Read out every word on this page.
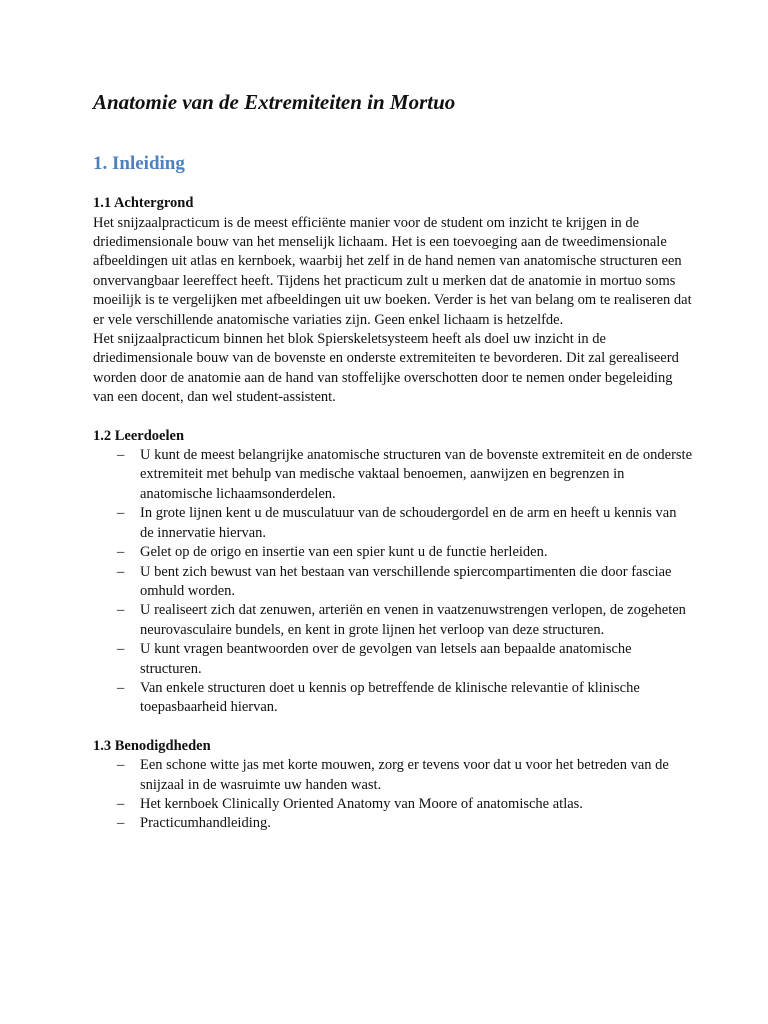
Anatomie van de Extremiteiten in Mortuo
1. Inleiding
1.1 Achtergrond

Het snijzaalpracticum is de meest efficiënte manier voor de student om inzicht te krijgen in de driedimensionale bouw van het menselijk lichaam. Het is een toevoeging aan de tweedimensionale afbeeldingen uit atlas en kernboek, waarbij het zelf in de hand nemen van anatomische structuren een onvervangbaar leereffect heeft. Tijdens het practicum zult u merken dat de anatomie in mortuo soms moeilijk is te vergelijken met afbeeldingen uit uw boeken. Verder is het van belang om te realiseren dat er vele verschillende anatomische variaties zijn. Geen enkel lichaam is hetzelfde.

Het snijzaalpracticum binnen het blok Spierskeletsysteem heeft als doel uw inzicht in de driedimensionale bouw van de bovenste en onderste extremiteiten te bevorderen. Dit zal gerealiseerd worden door de anatomie aan de hand van stoffelijke overschotten door te nemen onder begeleiding van een docent, dan wel student-assistent.

1.2 Leerdoelen
– U kunt de meest belangrijke anatomische structuren van de bovenste extremiteit en de onderste extremiteit met behulp van medische vaktaal benoemen, aanwijzen en begrenzen in anatomische lichaamsonderdelen.
– In grote lijnen kent u de musculatuur van de schoudergordel en de arm en heeft u kennis van de innervatie hiervan.
– Gelet op de origo en insertie van een spier kunt u de functie herleiden.
– U bent zich bewust van het bestaan van verschillende spiercompartimenten die door fasciae omhuld worden.
– U realiseert zich dat zenuwen, arteriën en venen in vaatzenuwstrengen verlopen, de zogeheten neurovasculaire bundels, en kent in grote lijnen het verloop van deze structuren.
– U kunt vragen beantwoorden over de gevolgen van letsels aan bepaalde anatomische structuren.
– Van enkele structuren doet u kennis op betreffende de klinische relevantie of klinische toepasbaarheid hiervan.
1.3 Benodigdheden
– Een schone witte jas met korte mouwen, zorg er tevens voor dat u voor het betreden van de snijzaal in de wasruimte uw handen wast.
– Het kernboek Clinically Oriented Anatomy van Moore of anatomische atlas.
– Practicumhandleiding.
